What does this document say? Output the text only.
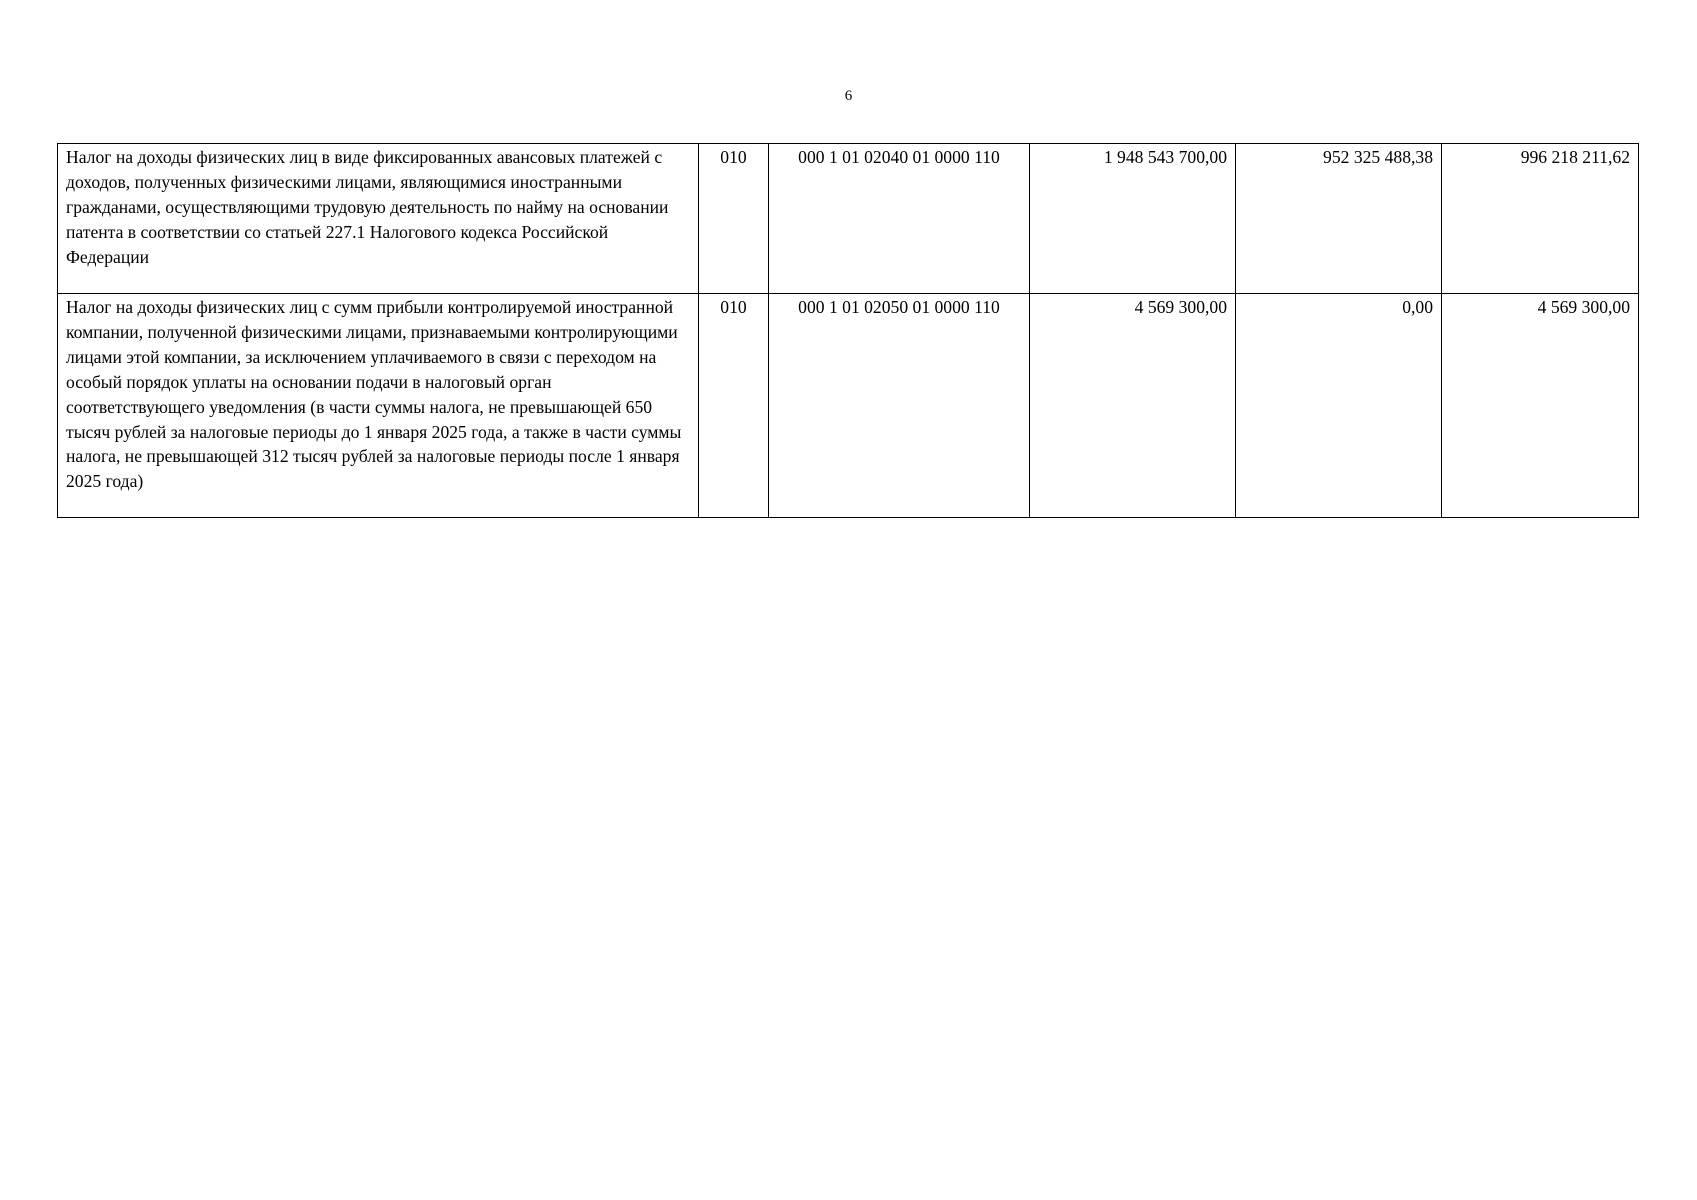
6
Налог на доходы физических лиц в виде фиксированных авансовых платежей с доходов, полученных физическими лицами, являющимися иностранными гражданами, осуществляющими трудовую деятельность по найму на основании патента в соответствии со статьей 227.1 Налогового кодекса Российской Федерации	010	000 1 01 02040 01 0000 110	1 948 543 700,00	952 325 488,38	996 218 211,62
Налог на доходы физических лиц с сумм прибыли контролируемой иностранной компании, полученной физическими лицами, признаваемыми контролирующими лицами этой компании, за исключением уплачиваемого в связи с переходом на особый порядок уплаты на основании подачи в налоговый орган соответствующего уведомления (в части суммы налога, не превышающей 650 тысяч рублей за налоговые периоды до 1 января 2025 года, а также в части суммы налога, не превышающей 312 тысяч рублей за налоговые периоды после 1 января 2025 года)	010	000 1 01 02050 01 0000 110	4 569 300,00	0,00	4 569 300,00
